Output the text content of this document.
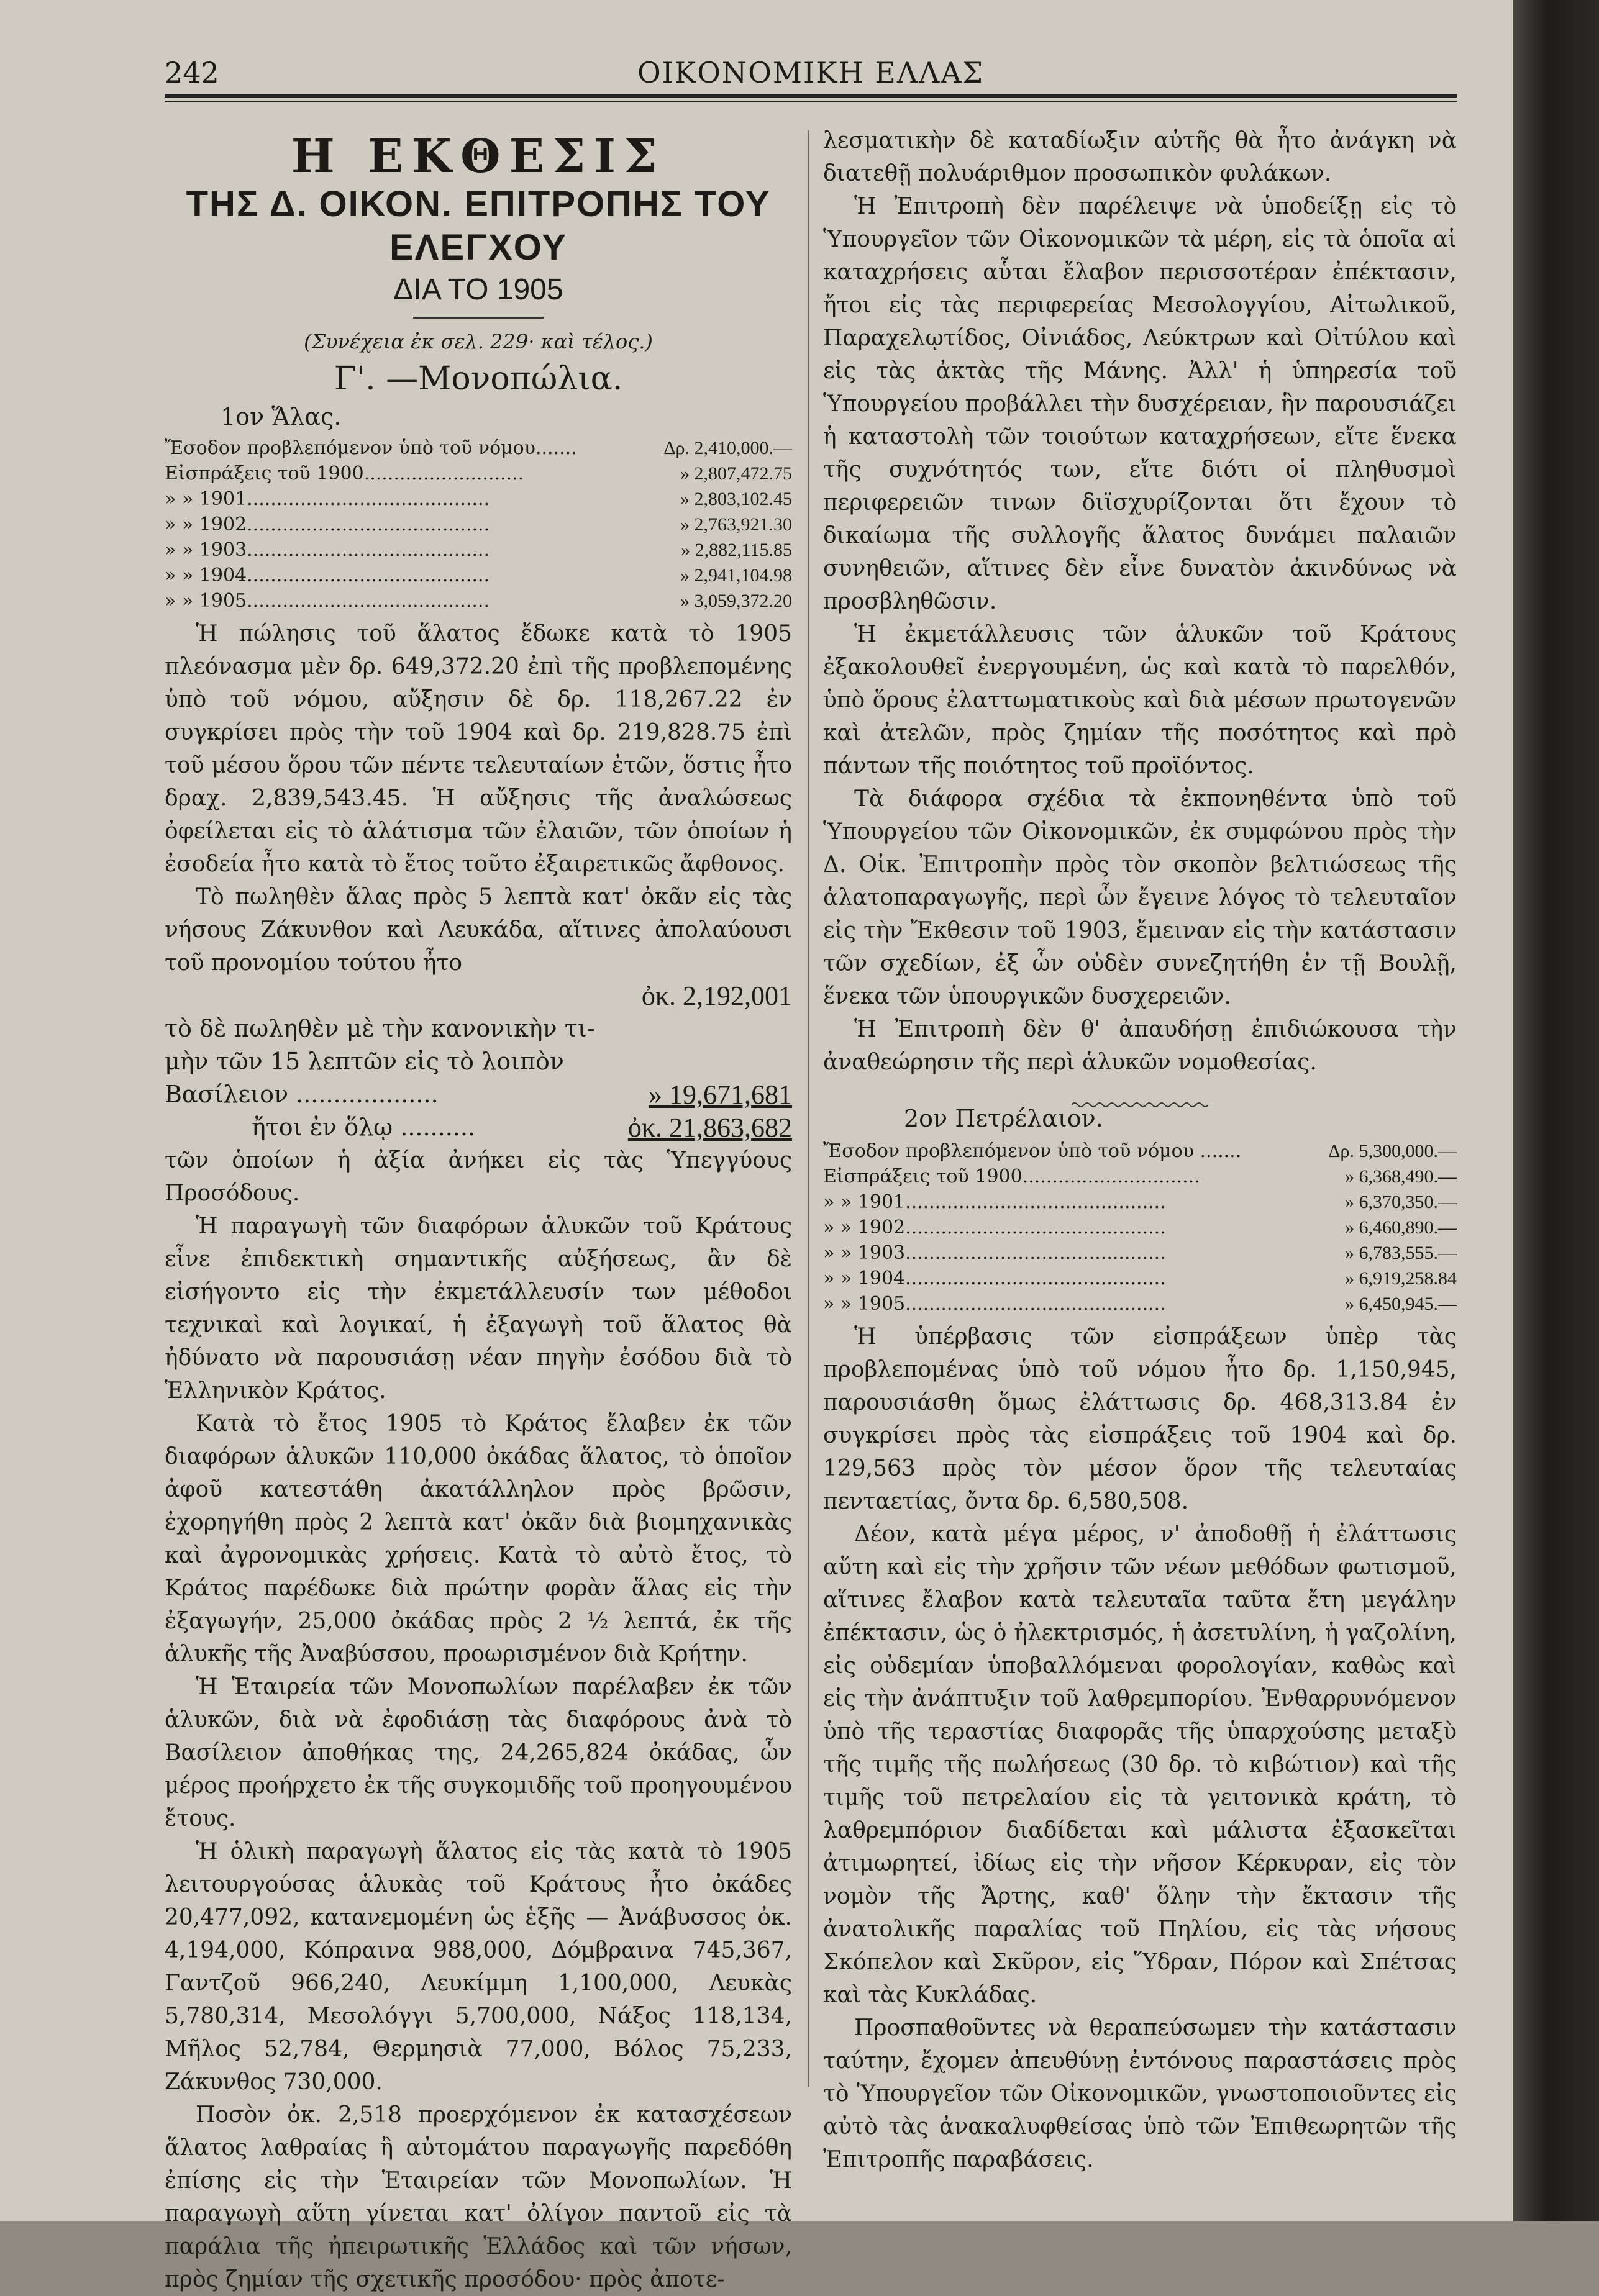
242	ΟΙΚΟΝΟΜΙΚΗ ΕΛΛΑΣ
Η ΕΚΘΕΣΙΣ
ΤΗΣ Δ. ΟΙΚΟΝ. ΕΠΙΤΡΟΠΗΣ ΤΟΥ ΕΛΕΓΧΟΥ
ΔΙΑ ΤΟ 1905
(Συνέχεια ἐκ σελ. 229· καὶ τέλος.)
Γ'. —Μονοπώλια.
1ον Ἅλας.
Ἔσοδον προβλεπόμενον ὑπὸ τοῦ νόμου.......	Δρ. 2,410,000.—
Εἰσπράξεις τοῦ 1900...........................	» 2,807,472.75
» » 1901.........................................	» 2,803,102.45
» » 1902.........................................	» 2,763,921.30
» » 1903.........................................	» 2,882,115.85
» » 1904.........................................	» 2,941,104.98
» » 1905.........................................	» 3,059,372.20

Ἡ πώλησις τοῦ ἅλατος ἔδωκε κατὰ τὸ 1905 πλεόνασμα μὲν δρ. 649,372.20 ἐπὶ τῆς προβλεπομένης ὑπὸ τοῦ νόμου, αὔξησιν δὲ δρ. 118,267.22 ἐν συγκρίσει πρὸς τὴν τοῦ 1904 καὶ δρ. 219,828.75 ἐπὶ τοῦ μέσου ὅρου τῶν πέντε τελευταίων ἐτῶν, ὅστις ἦτο δραχ. 2,839,543.45. Ἡ αὔξησις τῆς ἀναλώσεως ὀφείλεται εἰς τὸ ἁλάτισμα τῶν ἐλαιῶν, τῶν ὁποίων ἡ ἐσοδεία ἦτο κατὰ τὸ ἔτος τοῦτο ἐξαιρετικῶς ἄφθονος.

Τὸ πωληθὲν ἅλας πρὸς 5 λεπτὰ κατ' ὀκᾶν εἰς τὰς νήσους Ζάκυνθον καὶ Λευκάδα, αἵτινες ἀπολαύουσι τοῦ προνομίου τούτου ἦτο

ὀκ. 2,192,001
τὸ δὲ πωληθὲν μὲ τὴν κανονικὴν τι-
μὴν τῶν 15 λεπτῶν εἰς τὸ λοιπὸν
Βασίλειον ...................	» 19,671,681
ἤτοι ἐν ὅλῳ ..........	ὀκ. 21,863,682

τῶν ὁποίων ἡ ἀξία ἀνήκει εἰς τὰς Ὑπεγγύους Προσόδους.

Ἡ παραγωγὴ τῶν διαφόρων ἁλυκῶν τοῦ Κράτους εἶνε ἐπιδεκτικὴ σημαντικῆς αὐξήσεως, ἂν δὲ εἰσήγοντο εἰς τὴν ἐκμετάλλευσίν των μέθοδοι τεχνικαὶ καὶ λογικαί, ἡ ἐξαγωγὴ τοῦ ἅλατος θὰ ἠδύνατο νὰ παρουσιάσῃ νέαν πηγὴν ἐσόδου διὰ τὸ Ἑλληνικὸν Κράτος.

Κατὰ τὸ ἔτος 1905 τὸ Κράτος ἔλαβεν ἐκ τῶν διαφόρων ἁλυκῶν 110,000 ὀκάδας ἅλατος, τὸ ὁποῖον ἀφοῦ κατεστάθη ἀκατάλληλον πρὸς βρῶσιν, ἐχορηγήθη πρὸς 2 λεπτὰ κατ' ὀκᾶν διὰ βιομηχανικὰς καὶ ἀγρονομικὰς χρήσεις. Κατὰ τὸ αὐτὸ ἔτος, τὸ Κράτος παρέδωκε διὰ πρώτην φορὰν ἅλας εἰς τὴν ἐξαγωγήν, 25,000 ὀκάδας πρὸς 2 ½ λεπτά, ἐκ τῆς ἁλυκῆς τῆς Ἀναβύσσου, προωρισμένον διὰ Κρήτην.

Ἡ Ἑταιρεία τῶν Μονοπωλίων παρέλαβεν ἐκ τῶν ἁλυκῶν, διὰ νὰ ἐφοδιάσῃ τὰς διαφόρους ἀνὰ τὸ Βασίλειον ἀποθήκας της, 24,265,824 ὀκάδας, ὧν μέρος προήρχετο ἐκ τῆς συγκομιδῆς τοῦ προηγουμένου ἔτους.

Ἡ ὁλικὴ παραγωγὴ ἅλατος εἰς τὰς κατὰ τὸ 1905 λειτουργούσας ἁλυκὰς τοῦ Κράτους ἦτο ὀκάδες 20,477,092, κατανεμομένη ὡς ἑξῆς — Ἀνάβυσσος ὀκ. 4,194,000, Κόπραινα 988,000, Δόμβραινα 745,367, Γαντζοῦ 966,240, Λευκίμμη 1,100,000, Λευκὰς 5,780,314, Μεσολόγγι 5,700,000, Νάξος 118,134, Μῆλος 52,784, Θερμησιὰ 77,000, Βόλος 75,233, Ζάκυνθος 730,000.

Ποσὸν ὀκ. 2,518 προερχόμενον ἐκ κατασχέσεων ἅλατος λαθραίας ἢ αὐτομάτου παραγωγῆς παρεδόθη ἐπίσης εἰς τὴν Ἑταιρείαν τῶν Μονοπωλίων. Ἡ παραγωγὴ αὕτη γίνεται κατ' ὀλίγον παντοῦ εἰς τὰ παράλια τῆς ἠπειρωτικῆς Ἑλλάδος καὶ τῶν νήσων, πρὸς ζημίαν τῆς σχετικῆς προσόδου· πρὸς ἀποτε-

λεσματικὴν δὲ καταδίωξιν αὐτῆς θὰ ἦτο ἀνάγκη νὰ διατεθῇ πολυάριθμον προσωπικὸν φυλάκων.

Ἡ Ἐπιτροπὴ δὲν παρέλειψε νὰ ὑποδείξῃ εἰς τὸ Ὑπουργεῖον τῶν Οἰκονομικῶν τὰ μέρη, εἰς τὰ ὁποῖα αἱ καταχρήσεις αὗται ἔλαβον περισσοτέραν ἐπέκτασιν, ἤτοι εἰς τὰς περιφερείας Μεσολογγίου, Αἰτωλικοῦ, Παραχελῳτίδος, Οἰνιάδος, Λεύκτρων καὶ Οἰτύλου καὶ εἰς τὰς ἀκτὰς τῆς Μάνης. Ἀλλ' ἡ ὑπηρεσία τοῦ Ὑπουργείου προβάλλει τὴν δυσχέρειαν, ἣν παρουσιάζει ἡ καταστολὴ τῶν τοιούτων καταχρήσεων, εἴτε ἕνεκα τῆς συχνότητός των, εἴτε διότι οἱ πληθυσμοὶ περιφερειῶν τινων διϊσχυρίζονται ὅτι ἔχουν τὸ δικαίωμα τῆς συλλογῆς ἅλατος δυνάμει παλαιῶν συνηθειῶν, αἵτινες δὲν εἶνε δυνατὸν ἀκινδύνως νὰ προσβληθῶσιν.

Ἡ ἐκμετάλλευσις τῶν ἁλυκῶν τοῦ Κράτους ἐξακολουθεῖ ἐνεργουμένη, ὡς καὶ κατὰ τὸ παρελθόν, ὑπὸ ὅρους ἐλαττωματικοὺς καὶ διὰ μέσων πρωτογενῶν καὶ ἀτελῶν, πρὸς ζημίαν τῆς ποσότητος καὶ πρὸ πάντων τῆς ποιότητος τοῦ προϊόντος.

Τὰ διάφορα σχέδια τὰ ἐκπονηθέντα ὑπὸ τοῦ Ὑπουργείου τῶν Οἰκονομικῶν, ἐκ συμφώνου πρὸς τὴν Δ. Οἰκ. Ἐπιτροπὴν πρὸς τὸν σκοπὸν βελτιώσεως τῆς ἁλατοπαραγωγῆς, περὶ ὧν ἔγεινε λόγος τὸ τελευταῖον εἰς τὴν Ἔκθεσιν τοῦ 1903, ἔμειναν εἰς τὴν κατάστασιν τῶν σχεδίων, ἐξ ὧν οὐδὲν συνεζητήθη ἐν τῇ Βουλῇ, ἕνεκα τῶν ὑπουργικῶν δυσχερειῶν.

Ἡ Ἐπιτροπὴ δὲν θ' ἀπαυδήσῃ ἐπιδιώκουσα τὴν ἀναθεώρησιν τῆς περὶ ἁλυκῶν νομοθεσίας.

2ον Πετρέλαιον.
Ἔσοδον προβλεπόμενον ὑπὸ τοῦ νόμου .......	Δρ. 5,300,000.—
Εἰσπράξεις τοῦ 1900..............................	» 6,368,490.—
» » 1901............................................	» 6,370,350.—
» » 1902............................................	» 6,460,890.—
» » 1903............................................	» 6,783,555.—
» » 1904............................................	» 6,919,258.84
» » 1905............................................	» 6,450,945.—

Ἡ ὑπέρβασις τῶν εἰσπράξεων ὑπὲρ τὰς προβλεπομένας ὑπὸ τοῦ νόμου ἦτο δρ. 1,150,945, παρουσιάσθη ὅμως ἐλάττωσις δρ. 468,313.84 ἐν συγκρίσει πρὸς τὰς εἰσπράξεις τοῦ 1904 καὶ δρ. 129,563 πρὸς τὸν μέσον ὅρον τῆς τελευταίας πενταετίας, ὄντα δρ. 6,580,508.

Δέον, κατὰ μέγα μέρος, ν' ἀποδοθῇ ἡ ἐλάττωσις αὕτη καὶ εἰς τὴν χρῆσιν τῶν νέων μεθόδων φωτισμοῦ, αἵτινες ἔλαβον κατὰ τελευταῖα ταῦτα ἔτη μεγάλην ἐπέκτασιν, ὡς ὁ ἠλεκτρισμός, ἡ ἀσετυλίνη, ἡ γαζολίνη, εἰς οὐδεμίαν ὑποβαλλόμεναι φορολογίαν, καθὼς καὶ εἰς τὴν ἀνάπτυξιν τοῦ λαθρεμπορίου. Ἐνθαρρυνόμενον ὑπὸ τῆς τεραστίας διαφορᾶς τῆς ὑπαρχούσης μεταξὺ τῆς τιμῆς τῆς πωλήσεως (30 δρ. τὸ κιβώτιον) καὶ τῆς τιμῆς τοῦ πετρελαίου εἰς τὰ γειτονικὰ κράτη, τὸ λαθρεμπόριον διαδίδεται καὶ μάλιστα ἐξασκεῖται ἀτιμωρητεί, ἰδίως εἰς τὴν νῆσον Κέρκυραν, εἰς τὸν νομὸν τῆς Ἄρτης, καθ' ὅλην τὴν ἔκτασιν τῆς ἀνατολικῆς παραλίας τοῦ Πηλίου, εἰς τὰς νήσους Σκόπελον καὶ Σκῦρον, εἰς Ὕδραν, Πόρον καὶ Σπέτσας καὶ τὰς Κυκλάδας.

Προσπαθοῦντες νὰ θεραπεύσωμεν τὴν κατάστασιν ταύτην, ἔχομεν ἀπευθύνῃ ἐντόνους παραστάσεις πρὸς τὸ Ὑπουργεῖον τῶν Οἰκονομικῶν, γνωστοποιοῦντες εἰς αὐτὸ τὰς ἀνακαλυφθείσας ὑπὸ τῶν Ἐπιθεωρητῶν τῆς Ἐπιτροπῆς παραβάσεις.
